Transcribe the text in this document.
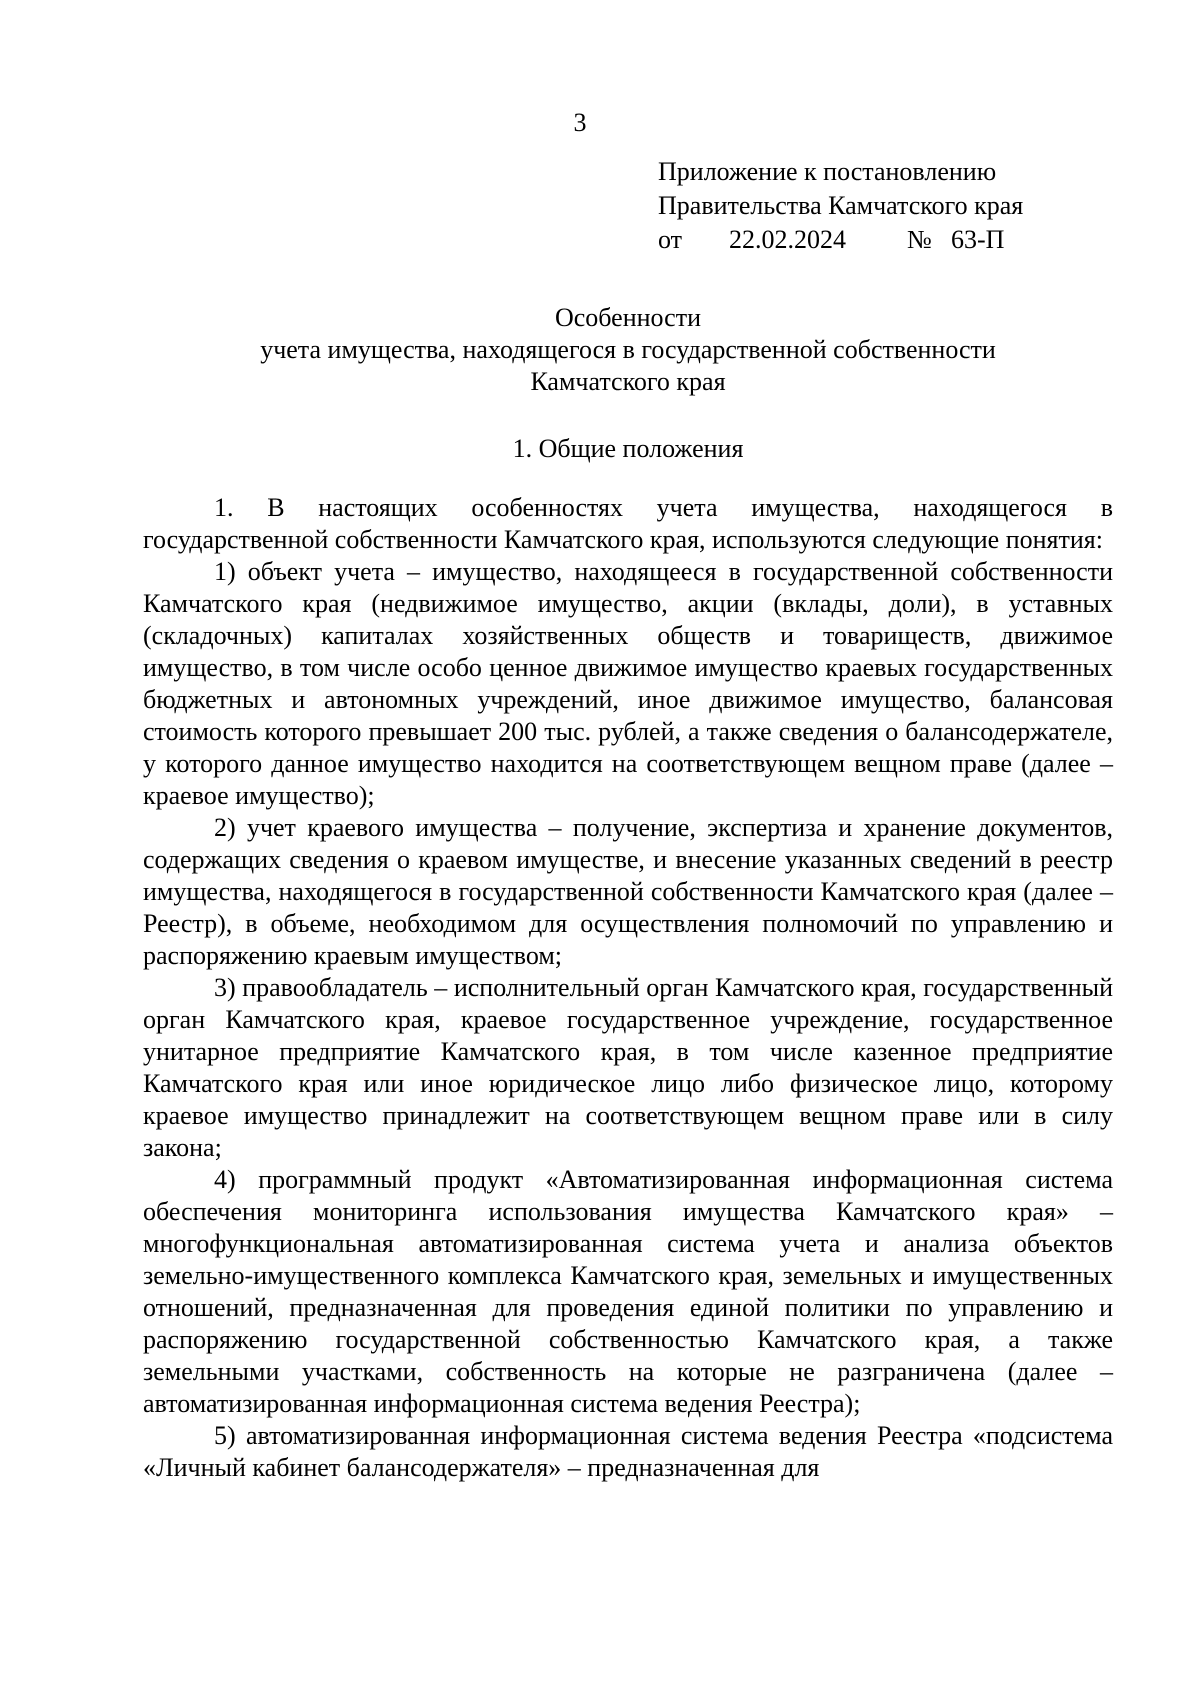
3
Приложение к постановлению
Правительства Камчатского края
от 22.02.2024 № 63-П
Особенности
учета имущества, находящегося в государственной собственности
Камчатского края
1. Общие положения

1. В настоящих особенностях учета имущества, находящегося в государственной собственности Камчатского края, используются следующие понятия:

1) объект учета – имущество, находящееся в государственной собственности Камчатского края (недвижимое имущество, акции (вклады, доли), в уставных (складочных) капиталах хозяйственных обществ и товариществ, движимое имущество, в том числе особо ценное движимое имущество краевых государственных бюджетных и автономных учреждений, иное движимое имущество, балансовая стоимость которого превышает 200 тыс. рублей, а также сведения о балансодержателе, у которого данное имущество находится на соответствующем вещном праве (далее – краевое имущество);

2) учет краевого имущества – получение, экспертиза и хранение документов, содержащих сведения о краевом имуществе, и внесение указанных сведений в реестр имущества, находящегося в государственной собственности Камчатского края (далее – Реестр), в объеме, необходимом для осуществления полномочий по управлению и распоряжению краевым имуществом;

3) правообладатель – исполнительный орган Камчатского края, государственный орган Камчатского края, краевое государственное учреждение, государственное унитарное предприятие Камчатского края, в том числе казенное предприятие Камчатского края или иное юридическое лицо либо физическое лицо, которому краевое имущество принадлежит на соответствующем вещном праве или в силу закона;

4) программный продукт «Автоматизированная информационная система обеспечения мониторинга использования имущества Камчатского края» – многофункциональная автоматизированная система учета и анализа объектов земельно-имущественного комплекса Камчатского края, земельных и имущественных отношений, предназначенная для проведения единой политики по управлению и распоряжению государственной собственностью Камчатского края, а также земельными участками, собственность на которые не разграничена (далее – автоматизированная информационная система ведения Реестра);

5) автоматизированная информационная система ведения Реестра «подсистема «Личный кабинет балансодержателя» – предназначенная для
